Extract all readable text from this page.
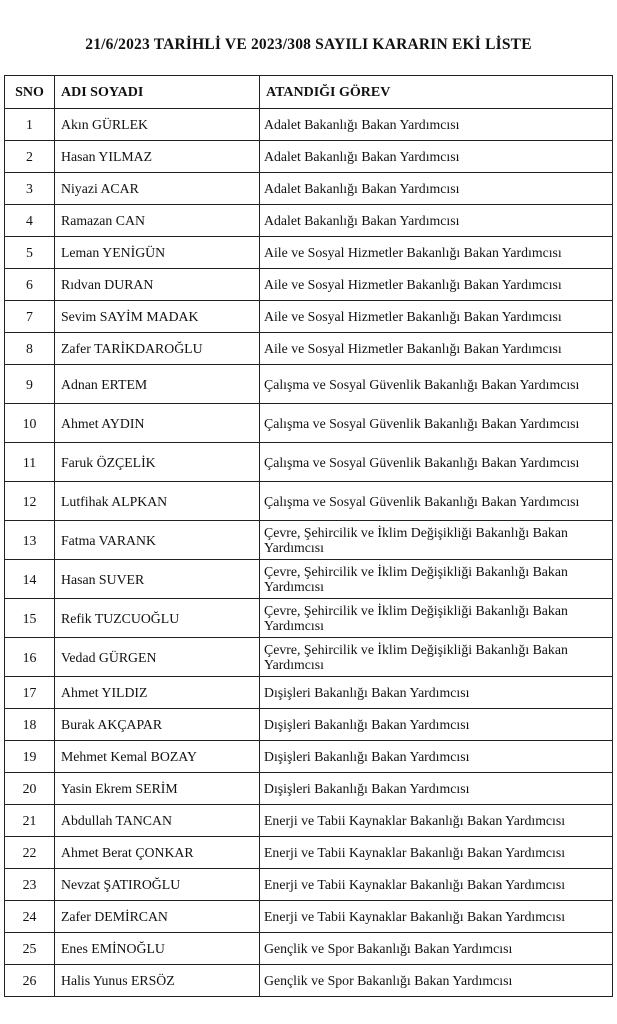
21/6/2023 TARİHLİ VE 2023/308 SAYILI KARARIN EKİ LİSTE
SNO	ADI SOYADI	ATANDIĞI GÖREV
1	Akın GÜRLEK	Adalet Bakanlığı Bakan Yardımcısı
2	Hasan YILMAZ	Adalet Bakanlığı Bakan Yardımcısı
3	Niyazi ACAR	Adalet Bakanlığı Bakan Yardımcısı
4	Ramazan CAN	Adalet Bakanlığı Bakan Yardımcısı
5	Leman YENİGÜN	Aile ve Sosyal Hizmetler Bakanlığı Bakan Yardımcısı
6	Rıdvan DURAN	Aile ve Sosyal Hizmetler Bakanlığı Bakan Yardımcısı
7	Sevim SAYİM MADAK	Aile ve Sosyal Hizmetler Bakanlığı Bakan Yardımcısı
8	Zafer TARİKDAROĞLU	Aile ve Sosyal Hizmetler Bakanlığı Bakan Yardımcısı
9	Adnan ERTEM	Çalışma ve Sosyal Güvenlik Bakanlığı Bakan Yardımcısı
10	Ahmet AYDIN	Çalışma ve Sosyal Güvenlik Bakanlığı Bakan Yardımcısı
11	Faruk ÖZÇELİK	Çalışma ve Sosyal Güvenlik Bakanlığı Bakan Yardımcısı
12	Lutfihak ALPKAN	Çalışma ve Sosyal Güvenlik Bakanlığı Bakan Yardımcısı
13	Fatma VARANK	Çevre, Şehircilik ve İklim Değişikliği Bakanlığı Bakan Yardımcısı
14	Hasan SUVER	Çevre, Şehircilik ve İklim Değişikliği Bakanlığı Bakan Yardımcısı
15	Refik TUZCUOĞLU	Çevre, Şehircilik ve İklim Değişikliği Bakanlığı Bakan Yardımcısı
16	Vedad GÜRGEN	Çevre, Şehircilik ve İklim Değişikliği Bakanlığı Bakan Yardımcısı
17	Ahmet YILDIZ	Dışişleri Bakanlığı Bakan Yardımcısı
18	Burak AKÇAPAR	Dışişleri Bakanlığı Bakan Yardımcısı
19	Mehmet Kemal BOZAY	Dışişleri Bakanlığı Bakan Yardımcısı
20	Yasin Ekrem SERİM	Dışişleri Bakanlığı Bakan Yardımcısı
21	Abdullah TANCAN	Enerji ve Tabii Kaynaklar Bakanlığı Bakan Yardımcısı
22	Ahmet Berat ÇONKAR	Enerji ve Tabii Kaynaklar Bakanlığı Bakan Yardımcısı
23	Nevzat ŞATIROĞLU	Enerji ve Tabii Kaynaklar Bakanlığı Bakan Yardımcısı
24	Zafer DEMİRCAN	Enerji ve Tabii Kaynaklar Bakanlığı Bakan Yardımcısı
25	Enes EMİNOĞLU	Gençlik ve Spor Bakanlığı Bakan Yardımcısı
26	Halis Yunus ERSÖZ	Gençlik ve Spor Bakanlığı Bakan Yardımcısı
